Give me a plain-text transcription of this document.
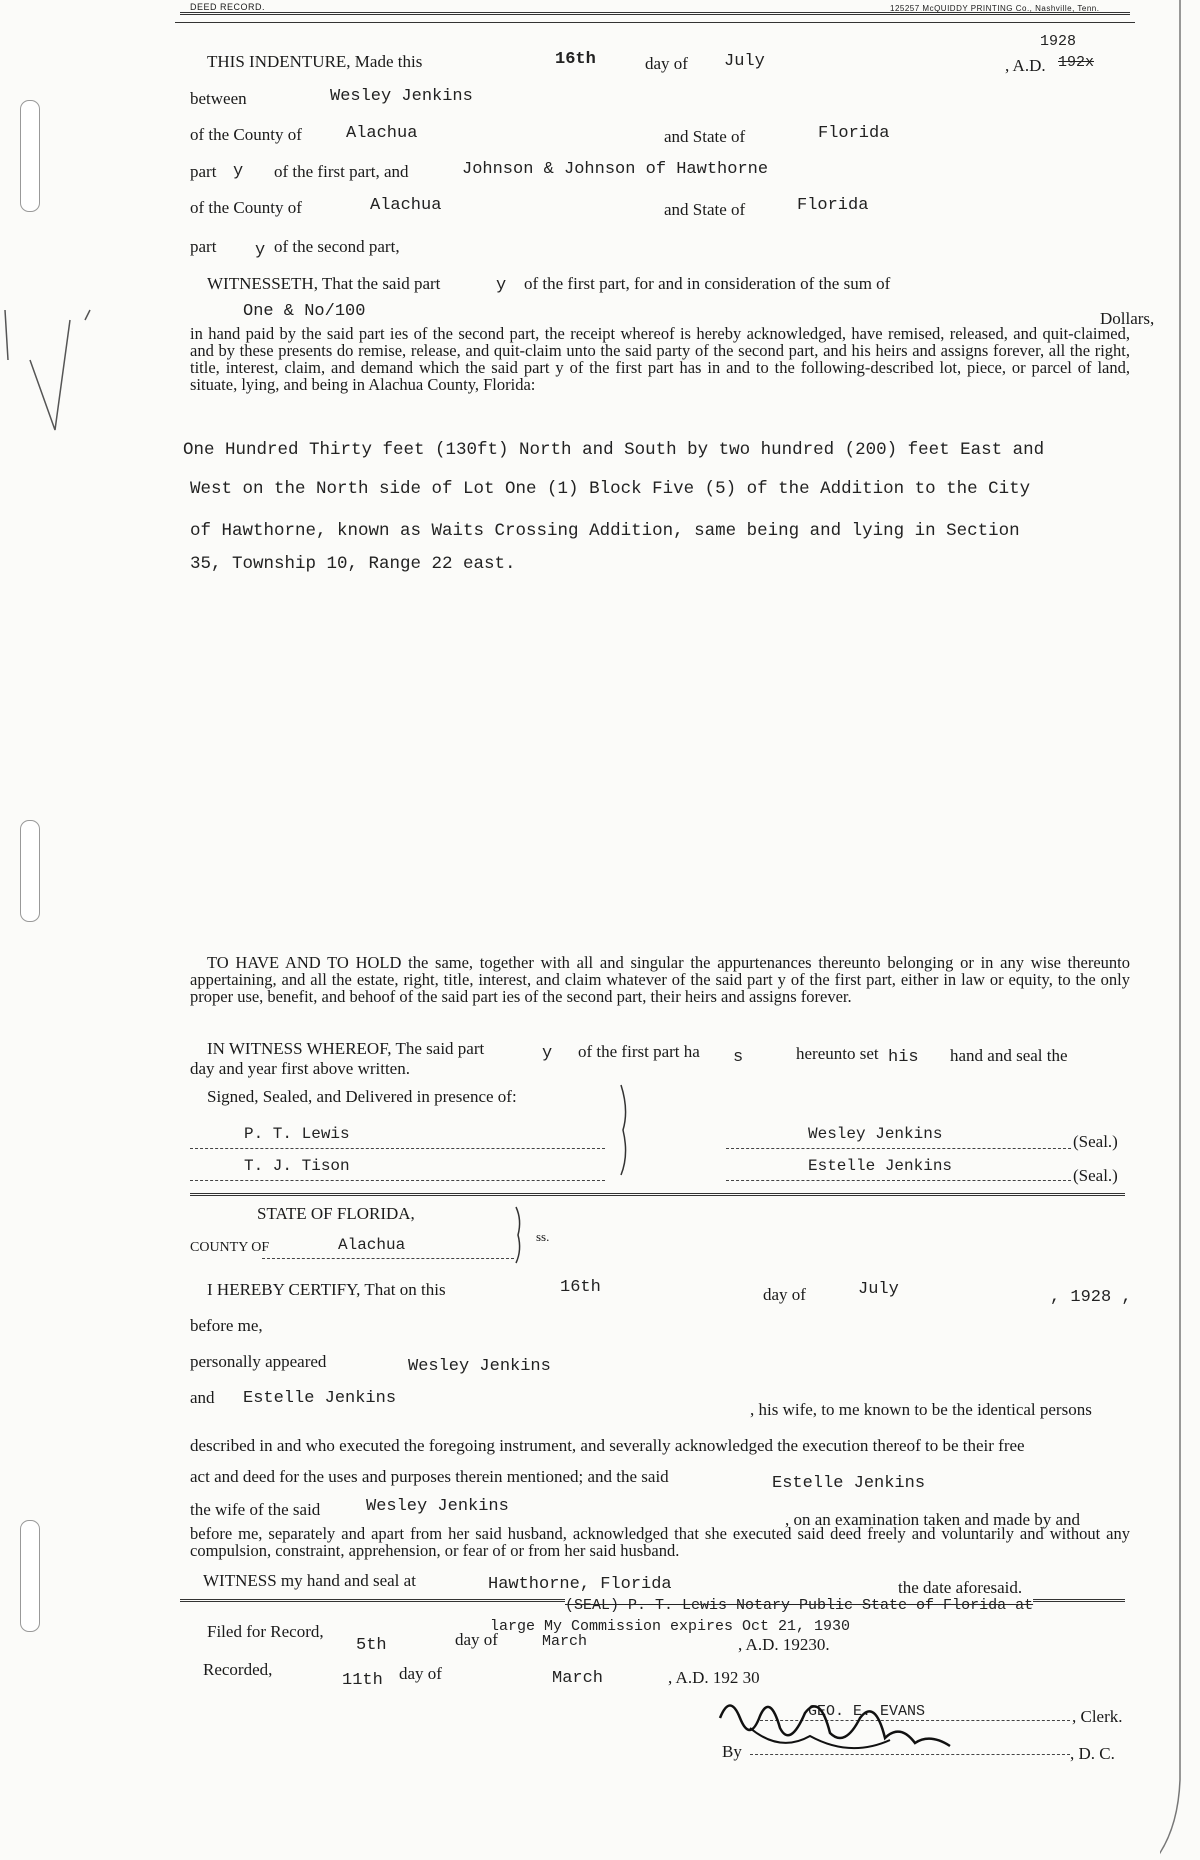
DEED RECORD.	125257 McQUIDDY PRINTING Co., Nashville, Tenn.
THIS INDENTURE, Made this	16th	day of July
1928
, A.D. 192x
between	Wesley Jenkins
of the County of	Alachua	and State of	Florida
part y of the first part, and	Johnson & Johnson of Hawthorne
of the County of	Alachua	and State of	Florida
part y of the second part,
WITNESSETH, That the said part	y of the first part, for and in consideration of the sum of
One & No/100	Dollars,
in hand paid by the said part ies of the second part, the receipt whereof is hereby acknowledged, have remised, released, and quit-claimed, and by these presents do remise, release, and quit-claim unto the said party of the second part, and his heirs and assigns forever, all the right, title, interest, claim, and demand which the said part y of the first part has in and to the following-described lot, piece, or parcel of land, situate, lying, and being in Alachua County, Florida:
One Hundred Thirty feet (130ft) North and South by two hundred (200) feet East and
West on the North side of Lot One (1) Block Five (5) of the Addition to the City
of Hawthorne, known as Waits Crossing Addition, same being and lying in Section
35, Township 10, Range 22 east.
TO HAVE AND TO HOLD the same, together with all and singular the appurtenances thereunto belonging or in any wise thereunto appertaining, and all the estate, right, title, interest, and claim whatever of the said part y of the first part, either in law or equity, to the only proper use, benefit, and behoof of the said part ies of the second part, their heirs and assigns forever.
IN WITNESS WHEREOF, The said part	y of the first part ha s	hereunto set his hand and seal the
day and year first above written.
Signed, Sealed, and Delivered in presence of:
P. T. Lewis
T. J. Tison
Wesley Jenkins	(Seal.)
Estelle Jenkins	(Seal.)
STATE OF FLORIDA,
COUNTY OF	Alachua	ss.
I HEREBY CERTIFY, That on this	16th	day of	July	, 1928 ,
before me,
personally appeared	Wesley Jenkins
and Estelle Jenkins
, his wife, to me known to be the identical persons
described in and who executed the foregoing instrument, and severally acknowledged the execution thereof to be their free
act and deed for the uses and purposes therein mentioned; and the said	Estelle Jenkins
the wife of the said	Wesley Jenkins
, on an examination taken and made by and
before me, separately and apart from her said husband, acknowledged that she executed said deed freely and voluntarily and without any compulsion, constraint, apprehension, or fear of or from her said husband.
WITNESS my hand and seal at	Hawthorne, Florida	the date aforesaid.
(SEAL) P. T. Lewis Notary Public State of Florida at
large My Commission expires Oct 21, 1930
Filed for Record,
5th	day of	March	, A.D. 19230.
Recorded,
11th day of	March	, A.D. 192 30
GEO. E. EVANS	, Clerk.
By	, D. C.
